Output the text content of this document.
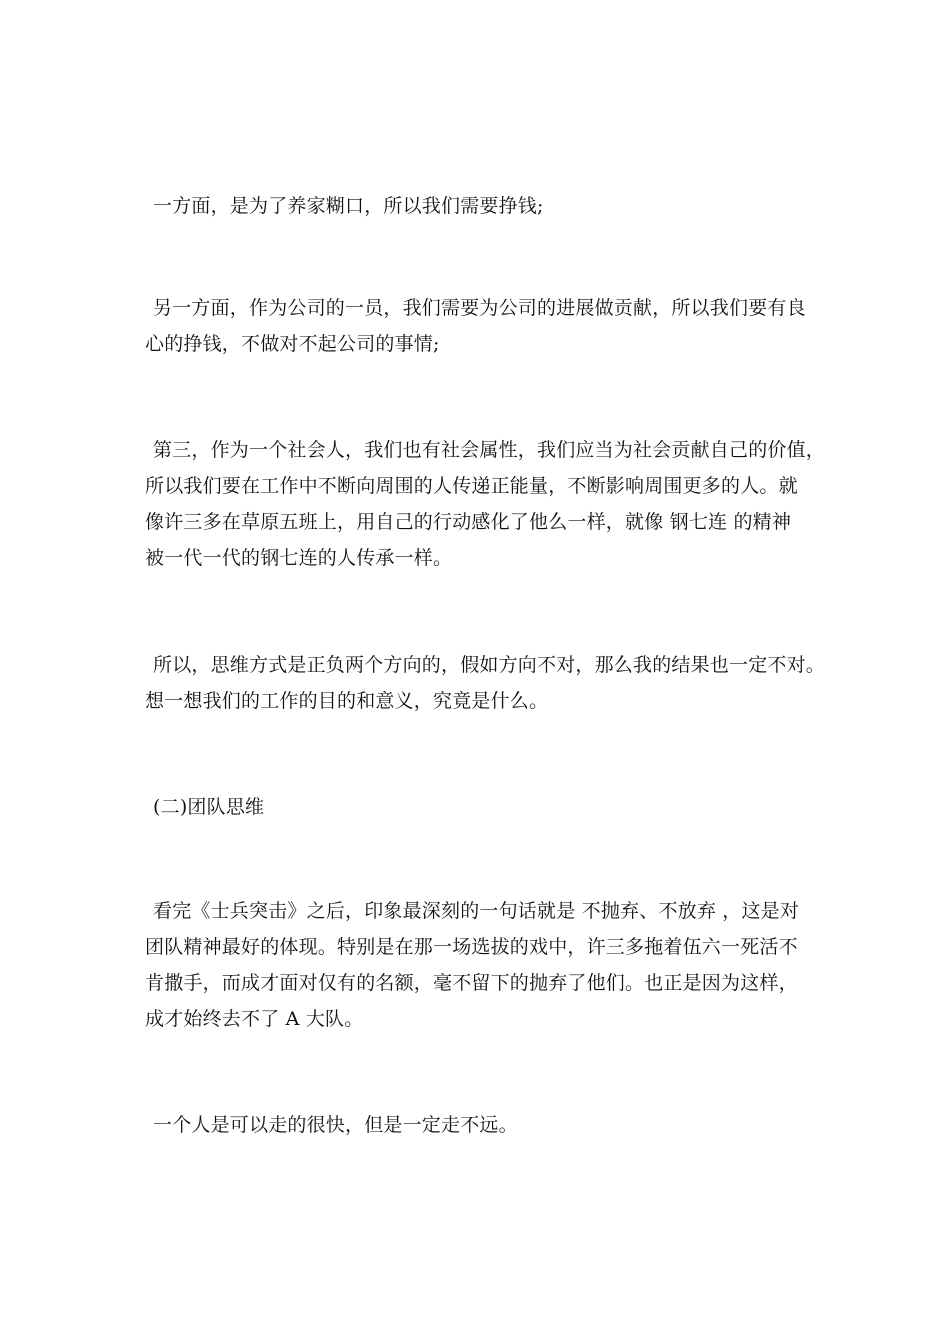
一方面，是为了养家糊口，所以我们需要挣钱;

另一方面，作为公司的一员，我们需要为公司的进展做贡献，所以我们要有良
心的挣钱，不做对不起公司的事情;

第三，作为一个社会人，我们也有社会属性，我们应当为社会贡献自己的价值，
所以我们要在工作中不断向周围的人传递正能量，不断影响周围更多的人。就
像许三多在草原五班上，用自己的行动感化了他么一样，就像 钢七连 的精神
被一代一代的钢七连的人传承一样。

所以，思维方式是正负两个方向的，假如方向不对，那么我的结果也一定不对。
想一想我们的工作的目的和意义，究竟是什么。

(二)团队思维

看完《士兵突击》之后，印象最深刻的一句话就是 不抛弃、不放弃 ，这是对
团队精神最好的体现。特别是在那一场选拔的戏中，许三多拖着伍六一死活不
肯撒手，而成才面对仅有的名额，毫不留下的抛弃了他们。也正是因为这样，
成才始终去不了 A 大队。

一个人是可以走的很快，但是一定走不远。
